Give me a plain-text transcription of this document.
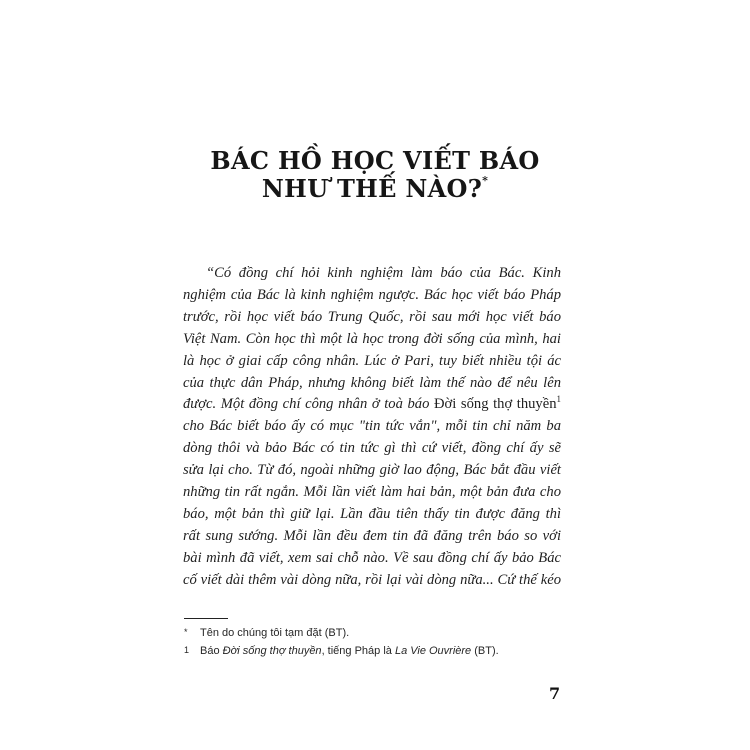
BÁC HỒ HỌC VIẾT BÁO
NHƯ THẾ NÀO?*
“Có đồng chí hỏi kinh nghiệm làm báo của Bác. Kinh
nghiệm của Bác là kinh nghiệm ngược. Bác học viết báo Pháp
trước, rồi học viết báo Trung Quốc, rồi sau mới học viết báo
Việt Nam. Còn học thì một là học trong đời sống của mình, hai
là học ở giai cấp công nhân. Lúc ở Pari, tuy biết nhiều tội ác
của thực dân Pháp, nhưng không biết làm thế nào để nêu lên
được. Một đồng chí công nhân ở toà báo Đời sống thợ thuyền$^1$
cho Bác biết báo ấy có mục "tin tức vắn", mỗi tin chỉ năm ba
dòng thôi và bảo Bác có tin tức gì thì cứ viết, đồng chí ấy sẽ
sửa lại cho. Từ đó, ngoài những giờ lao động, Bác bắt đầu viết
những tin rất ngắn. Mỗi lần viết làm hai bản, một bản đưa cho
báo, một bản thì giữ lại. Lần đầu tiên thấy tin được đăng thì
rất sung sướng. Mỗi lần đều đem tin đã đăng trên báo so với
bài mình đã viết, xem sai chỗ nào. Về sau đồng chí ấy bảo Bác
cố viết dài thêm vài dòng nữa, rồi lại vài dòng nữa... Cứ thế kéo
* Tên do chúng tôi tạm đặt (BT).
1 Báo Đời sống thợ thuyền, tiếng Pháp là La Vie Ouvrière (BT).
7
